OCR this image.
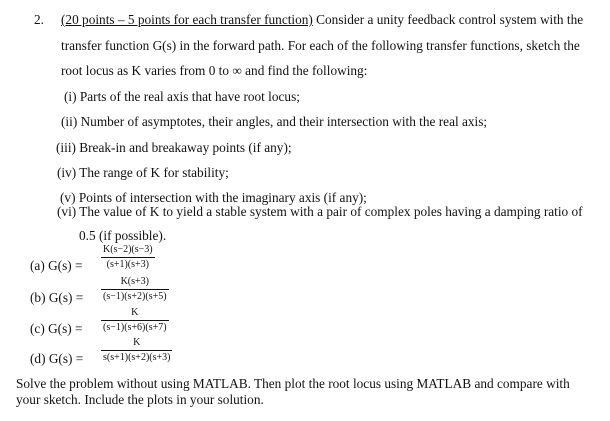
2. (20 points – 5 points for each transfer function) Consider a unity feedback control system with the
transfer function G(s) in the forward path. For each of the following transfer functions, sketch the
root locus as K varies from 0 to ∞ and find the following:
(i) Parts of the real axis that have root locus;
(ii) Number of asymptotes, their angles, and their intersection with the real axis;
(iii) Break-in and breakaway points (if any);
(iv) The range of K for stability;
(v) Points of intersection with the imaginary axis (if any);
(vi) The value of K to yield a stable system with a pair of complex poles having a damping ratio of
0.5 (if possible).
(a) $G(s) = \frac{K(s-2)(s-3)}{(s+1)(s+3)}$
(b) $G(s) = \frac{K(s+3)}{(s-1)(s+2)(s+5)}$
(c) $G(s) = \frac{K}{(s-1)(s+6)(s+7)}$
(d) $G(s) = \frac{K}{s(s+1)(s+2)(s+3)}$
Solve the problem without using MATLAB. Then plot the root locus using MATLAB and compare with
your sketch. Include the plots in your solution.
